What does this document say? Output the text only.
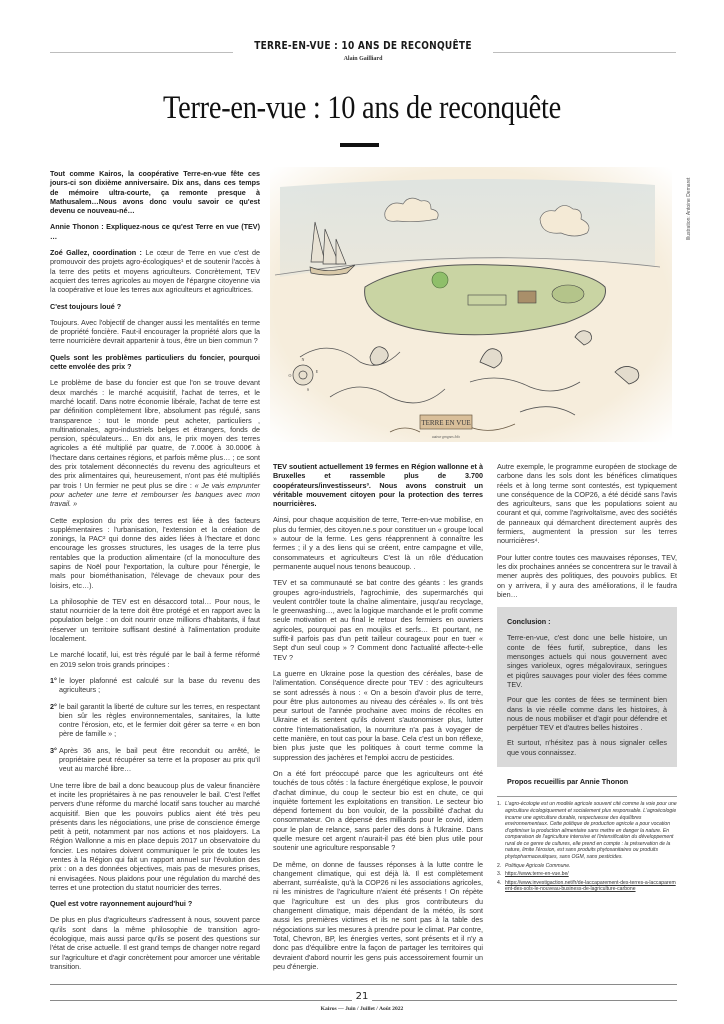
TERRE-EN-VUE : 10 ANS DE RECONQUÊTE
Alain Gailliard
Terre-en-vue : 10 ans de reconquête

Tout comme Kairos, la coopérative Terre-en-vue fête ces jours-ci son dixième anniversaire. Dix ans, dans ces temps de mémoire ultra-courte, ça remonte presque à Mathusalem…Nous avons donc voulu savoir ce qu'est devenu ce nouveau-né…

Annie Thonon : Expliquez-nous ce qu'est Terre en vue (TEV) …

Zoé Gallez, coordination : Le cœur de Terre en vue c'est de promouvoir des projets agro-écologiques¹ et de soutenir l'accès à la terre des petits et moyens agriculteurs. Concrètement, TEV acquiert des terres agricoles au moyen de l'épargne citoyenne via la coopérative et loue les terres aux agriculteurs et agricultrices.

C'est toujours loué ?

Toujours. Avec l'objectif de changer aussi les mentalités en terme de propriété foncière. Faut-il encourager la propriété alors que la terre nourricière devrait appartenir à tous, être un bien commun ?

Quels sont les problèmes particuliers du foncier, pourquoi cette envolée des prix ?

Le problème de base du foncier est que l'on se trouve devant deux marchés : le marché acquisitif, l'achat de terres, et le marché locatif. Dans notre économie libérale, l'achat de terre est par définition complètement libre, absolument pas régulé, sans transparence : tout le monde peut acheter, particuliers , multinationales, agro-industriels belges et étrangers, fonds de pension, spéculateurs… En dix ans, le prix moyen des terres agricoles a été multiplié par quatre, de 7.000€ à 30.000€ à l'hectare dans certaines régions, et parfois même plus… ; ce sont des prix totalement déconnectés du revenu des agriculteurs et des prix alimentaires qui, heureusement, n'ont pas été multipliés par trois ! Un fermier ne peut plus se dire : « Je vais emprunter pour acheter une terre et rembourser les banques avec mon travail. »

Cette explosion du prix des terres est liée à des facteurs supplémentaires : l'urbanisation, l'extension et la création de zonings, la PAC² qui donne des aides liées à l'hectare et donc encourage les grosses structures, les usages de la terre plus rentables que la production alimentaire (cf la monoculture des sapins de Noël pour l'exportation, la culture pour l'énergie, le maïs pour biométhanisation, l'élevage de chevaux pour des loisirs, etc…).

La philosophie de TEV est en désaccord total… Pour nous, le statut nourricier de la terre doit être protégé et en rapport avec la population belge : on doit nourrir onze millions d'habitants, il faut réserver un territoire suffisant destiné à l'alimentation produite localement.

Le marché locatif, lui, est très régulé par le bail à ferme réformé en 2019 selon trois grands principes :

1° le loyer plafonné est calculé sur la base du revenu des agriculteurs ;
2° le bail garantit la liberté de culture sur les terres, en respectant bien sûr les règles environnementales, sanitaires, la lutte contre l'érosion, etc, et le fermier doit gérer sa terre « en bon père de famille » ;
3° Après 36 ans, le bail peut être reconduit ou arrêté, le propriétaire peut récupérer sa terre et la proposer au prix qu'il veut au marché libre…

Une terre libre de bail a donc beaucoup plus de valeur financière et incite les propriétaires à ne pas renouveler le bail. C'est l'effet pervers d'une réforme du marché locatif sans toucher au marché acquisitif. Bien que les pouvoirs publics aient été très peu présents dans les négociations, une prise de conscience émerge petit à petit, notamment par nos actions et nos plaidoyers. La Région Wallonne a mis en place depuis 2017 un observatoire du foncier. Les notaires doivent communiquer le prix de toutes les ventes à la Région qui fait un rapport annuel sur l'évolution des prix : on a des données objectives, mais pas de mesures prises, ni envisagées. Nous plaidons pour une régulation du marché des terres et une protection du statut nourricier des terres.

Quel est votre rayonnement aujourd'hui ?

De plus en plus d'agriculteurs s'adressent à nous, souvent parce qu'ils sont dans la même philosophie de transition agro-écologique, mais aussi parce qu'ils se posent des questions sur l'état de crise actuelle. Il est grand temps de changer notre regard sur l'agriculture et d'agir concrètement pour amorcer une véritable transition.

N
E
S
O
TERRE EN VUE
auteur grognes lolo
Illustration: Antoine Demaret

TEV soutient actuellement 19 fermes en Région wallonne et à Bruxelles et rassemble plus de 3.700 coopérateurs/investisseurs³. Nous avons construit un véritable mouvement citoyen pour la protection des terres nourricières.

Ainsi, pour chaque acquisition de terre, Terre-en-vue mobilise, en plus du fermier, des citoyen.ne.s pour constituer un « groupe local » autour de la ferme. Les gens réapprennent à connaître les fermes ; il y a des liens qui se créent, entre campagne et ville, consommateurs et agriculteurs C'est là un rôle d'éducation permanente auquel nous tenons beaucoup. .

TEV et sa communauté se bat contre des géants : les grands groupes agro-industriels, l'agrochimie, des supermarchés qui veulent contrôler toute la chaîne alimentaire, jusqu'au recyclage, le greenwashing…, avec la logique marchande et le profit comme seule motivation et au final le retour des fermiers en ouvriers agricoles, pourquoi pas en moujiks et serfs… Et pourtant, ne suffit-il parfois pas d'un petit tailleur courageux pour en tuer « Sept d'un seul coup » ? Comment donc l'actualité affecte-t-elle TEV ?

La guerre en Ukraine pose la question des céréales, base de l'alimentation. Conséquence directe pour TEV : des agriculteurs se sont adressés à nous : « On a besoin d'avoir plus de terre, pour être plus autonomes au niveau des céréales ». Ils ont très peur surtout de l'année prochaine avec moins de récoltes en Ukraine et ils sentent qu'ils doivent s'autonomiser plus, lutter contre l'internationalisation, la nourriture n'a pas à voyager de cette manière, en tout cas pour la base. Cela c'est un bon réflexe, bien plus juste que les politiques à court terme comme la suppression des jachères et l'emploi accru de pesticides.

On a été fort préoccupé parce que les agriculteurs ont été touchés de tous côtés : la facture énergétique explose, le pouvoir d'achat diminue, du coup le secteur bio est en chute, ce qui inquiète fortement les exploitations en transition. Le secteur bio dépend fortement du bon vouloir, de la possibilité d'achat du consommateur. On a dépensé des milliards pour le covid, idem pour le plan de relance, sans parler des dons à l'Ukraine. Dans quelle mesure cet argent n'aurait-il pas été bien plus utile pour soutenir une agriculture responsable ?

De même, on donne de fausses réponses à la lutte contre le changement climatique, qui est déjà là. Il est complètement aberrant, surréaliste, qu'à la COP26 ni les associations agricoles, ni les ministres de l'agriculture n'aient été présents ! On répète que l'agriculture est un des plus gros contributeurs du changement climatique, mais dépendant de la météo, ils sont aussi les premières victimes et ils ne sont pas à la table des négociations sur les mesures à prendre pour le climat. Par contre, Total, Chevron, BP, les énergies vertes, sont présents et il n'y a donc pas d'équilibre entre la façon de partager les territoires qui devraient d'abord nourrir les gens puis accessoirement fournir un peu d'énergie.

Autre exemple, le programme européen de stockage de carbone dans les sols dont les bénéfices climatiques réels et à long terme sont contestés, est typiquement une conséquence de la COP26, a été décidé sans l'avis des agriculteurs, sans que les populations soient au courant et qui, comme l'agrivoltaïsme, avec des sociétés de panneaux qui démarchent directement auprès des fermiers, augmentent la pression sur les terres nourricières⁴.

Pour lutter contre toutes ces mauvaises réponses, TEV, les dix prochaines années se concentrera sur le travail à mener auprès des politiques, des pouvoirs publics. Et on y arrivera, il y aura des améliorations, il le faudra bien…

Conclusion :

Terre-en-vue, c'est donc une belle histoire, un conte de fées furtif, subreptice, dans les mensonges actuels qui nous gouvernent avec singes varioleux, ogres mégaloviraux, seringues et piqûres sauvages pour violer des fées comme TEV.

Pour que les contes de fées se terminent bien dans la vie réelle comme dans les histoires, à nous de nous mobiliser et d'agir pour défendre et perpétuer TEV et d'autres belles histoires .

Et surtout, n'hésitez pas à nous signaler celles que vous connaissez.

Propos recueillis par Annie Thonon
1. L'agro-écologie est un modèle agricole souvent cité comme la voie pour une agriculture écologiquement et socialement plus responsable. L'agroécologie incarne une agriculture durable, respectueuse des équilibres environnementaux. Cette politique de production agricole a pour vocation d'optimiser la production alimentaire sans mettre en danger la nature. En comparaison de l'agriculture intensive et l'intensification du développement rural de ce genre de cultures, elle prend en compte : la préservation de la nature, limite l'érosion, est sans produits phytosanitaires ou produits phytopharmaceutiques, sans OGM, sans pesticides.
2. Politique Agricole Commune.
3. https://www.terre-en-vue.be/
4. https://www.investigaction.net/fr/de-laccaparement-des-terres-a-laccaparement-des-sols-le-nouveau-business-de-lagriculture-carbone
21
Kairos — Juin / Juillet / Août 2022
